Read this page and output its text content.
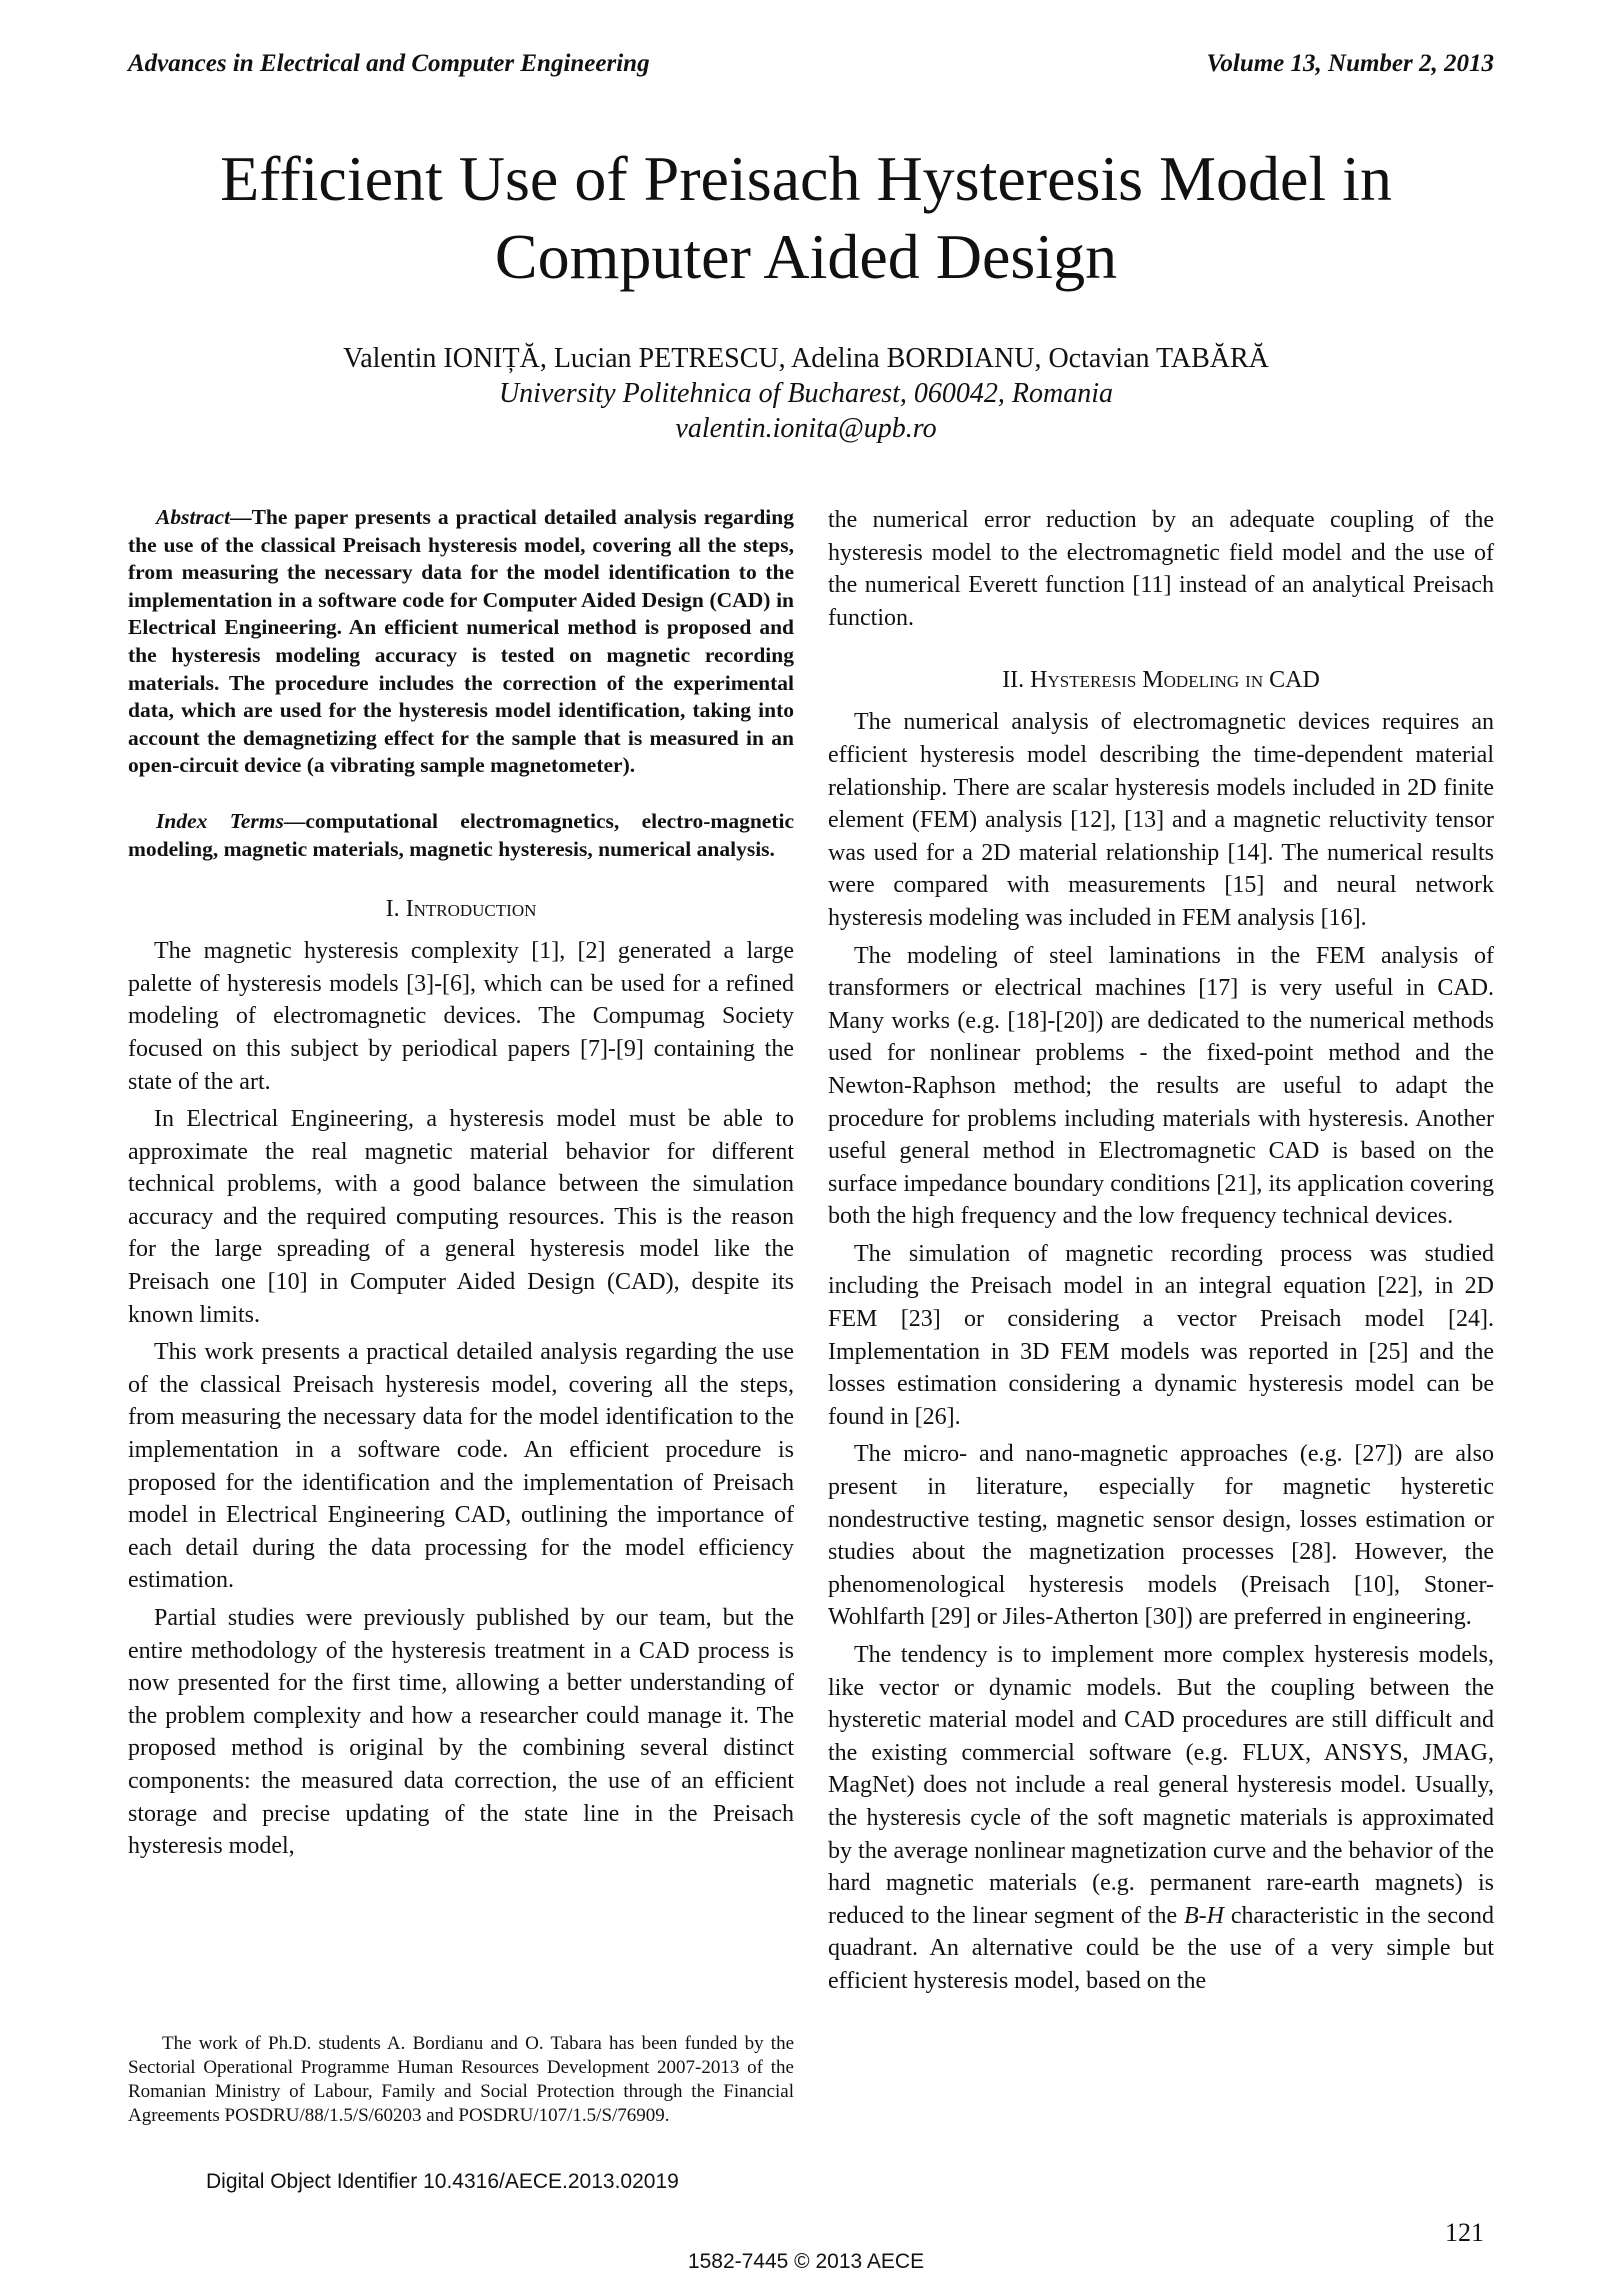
Advances in Electrical and Computer Engineering	Volume 13, Number 2, 2013
Efficient Use of Preisach Hysteresis Model in Computer Aided Design
Valentin IONIȚĂ, Lucian PETRESCU, Adelina BORDIANU, Octavian TABĂRĂ
University Politehnica of Bucharest, 060042, Romania
valentin.ionita@upb.ro

Abstract—The paper presents a practical detailed analysis regarding the use of the classical Preisach hysteresis model, covering all the steps, from measuring the necessary data for the model identification to the implementation in a software code for Computer Aided Design (CAD) in Electrical Engineering. An efficient numerical method is proposed and the hysteresis modeling accuracy is tested on magnetic recording materials. The procedure includes the correction of the experimental data, which are used for the hysteresis model identification, taking into account the demagnetizing effect for the sample that is measured in an open-circuit device (a vibrating sample magnetometer).

Index Terms—computational electromagnetics, electro-magnetic modeling, magnetic materials, magnetic hysteresis, numerical analysis.

I. Introduction

The magnetic hysteresis complexity [1], [2] generated a large palette of hysteresis models [3]-[6], which can be used for a refined modeling of electromagnetic devices. The Compumag Society focused on this subject by periodical papers [7]-[9] containing the state of the art.

In Electrical Engineering, a hysteresis model must be able to approximate the real magnetic material behavior for different technical problems, with a good balance between the simulation accuracy and the required computing resources. This is the reason for the large spreading of a general hysteresis model like the Preisach one [10] in Computer Aided Design (CAD), despite its known limits.

This work presents a practical detailed analysis regarding the use of the classical Preisach hysteresis model, covering all the steps, from measuring the necessary data for the model identification to the implementation in a software code. An efficient procedure is proposed for the identification and the implementation of Preisach model in Electrical Engineering CAD, outlining the importance of each detail during the data processing for the model efficiency estimation.

Partial studies were previously published by our team, but the entire methodology of the hysteresis treatment in a CAD process is now presented for the first time, allowing a better understanding of the problem complexity and how a researcher could manage it. The proposed method is original by the combining several distinct components: the measured data correction, the use of an efficient storage and precise updating of the state line in the Preisach hysteresis model,

the numerical error reduction by an adequate coupling of the hysteresis model to the electromagnetic field model and the use of the numerical Everett function [11] instead of an analytical Preisach function.

II. Hysteresis Modeling in CAD

The numerical analysis of electromagnetic devices requires an efficient hysteresis model describing the time-dependent material relationship. There are scalar hysteresis models included in 2D finite element (FEM) analysis [12], [13] and a magnetic reluctivity tensor was used for a 2D material relationship [14]. The numerical results were compared with measurements [15] and neural network hysteresis modeling was included in FEM analysis [16].

The modeling of steel laminations in the FEM analysis of transformers or electrical machines [17] is very useful in CAD. Many works (e.g. [18]-[20]) are dedicated to the numerical methods used for nonlinear problems - the fixed-point method and the Newton-Raphson method; the results are useful to adapt the procedure for problems including materials with hysteresis. Another useful general method in Electromagnetic CAD is based on the surface impedance boundary conditions [21], its application covering both the high frequency and the low frequency technical devices.

The simulation of magnetic recording process was studied including the Preisach model in an integral equation [22], in 2D FEM [23] or considering a vector Preisach model [24]. Implementation in 3D FEM models was reported in [25] and the losses estimation considering a dynamic hysteresis model can be found in [26].

The micro- and nano-magnetic approaches (e.g. [27]) are also present in literature, especially for magnetic hysteretic nondestructive testing, magnetic sensor design, losses estimation or studies about the magnetization processes [28]. However, the phenomenological hysteresis models (Preisach [10], Stoner-Wohlfarth [29] or Jiles-Atherton [30]) are preferred in engineering.

The tendency is to implement more complex hysteresis models, like vector or dynamic models. But the coupling between the hysteretic material model and CAD procedures are still difficult and the existing commercial software (e.g. FLUX, ANSYS, JMAG, MagNet) does not include a real general hysteresis model. Usually, the hysteresis cycle of the soft magnetic materials is approximated by the average nonlinear magnetization curve and the behavior of the hard magnetic materials (e.g. permanent rare-earth magnets) is reduced to the linear segment of the B-H characteristic in the second quadrant. An alternative could be the use of a very simple but efficient hysteresis model, based on the

The work of Ph.D. students A. Bordianu and O. Tabara has been funded by the Sectorial Operational Programme Human Resources Development 2007-2013 of the Romanian Ministry of Labour, Family and Social Protection through the Financial Agreements POSDRU/88/1.5/S/60203 and POSDRU/107/1.5/S/76909.

Digital Object Identifier 10.4316/AECE.2013.02019
121
1582-7445 © 2013 AECE
